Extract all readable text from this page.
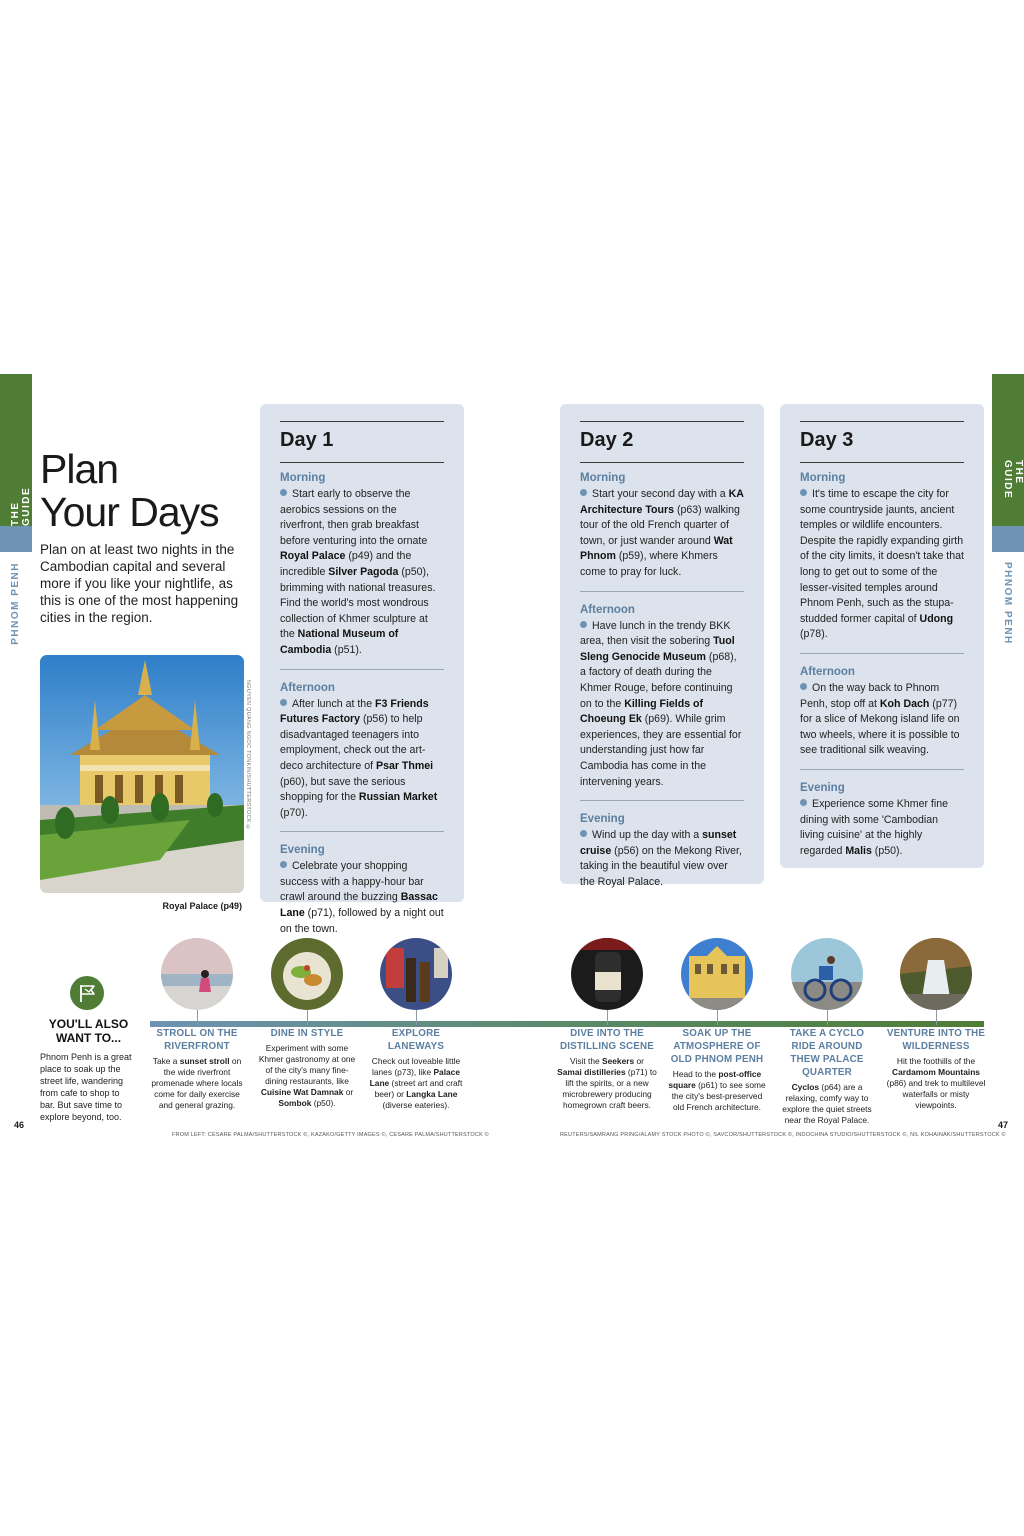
THE GUIDE
PHNOM PENH
THE GUIDE
PHNOM PENH
Plan
Your Days
Plan on at least two nights in the Cambodian capital and several more if you like your nightlife, as this is one of the most happening cities in the region.
NGUYEN QUANG NGOC TONKIN/SHUTTERSTOCK ©
Royal Palace (p49)
Day 1
Morning
Start early to observe the aerobics sessions on the riverfront, then grab breakfast before venturing into the ornate Royal Palace (p49) and the incredible Silver Pagoda (p50), brimming with national treasures. Find the world's most wondrous collection of Khmer sculpture at the National Museum of Cambodia (p51).
Afternoon
After lunch at the F3 Friends Futures Factory (p56) to help disadvantaged teenagers into employment, check out the art-deco architecture of Psar Thmei (p60), but save the serious shopping for the Russian Market (p70).
Evening
Celebrate your shopping success with a happy-hour bar crawl around the buzzing Bassac Lane (p71), followed by a night out on the town.
Day 2
Morning
Start your second day with a KA Architecture Tours (p63) walking tour of the old French quarter of town, or just wander around Wat Phnom (p59), where Khmers come to pray for luck.
Afternoon
Have lunch in the trendy BKK area, then visit the sobering Tuol Sleng Genocide Museum (p68), a factory of death during the Khmer Rouge, before continuing on to the Killing Fields of Choeung Ek (p69). While grim experiences, they are essential for understanding just how far Cambodia has come in the intervening years.
Evening
Wind up the day with a sunset cruise (p56) on the Mekong River, taking in the beautiful view over the Royal Palace.
Day 3
Morning
It's time to escape the city for some countryside jaunts, ancient temples or wildlife encounters. Despite the rapidly expanding girth of the city limits, it doesn't take that long to get out to some of the lesser-visited temples around Phnom Penh, such as the stupa-studded former capital of Udong (p78).
Afternoon
On the way back to Phnom Penh, stop off at Koh Dach (p77) for a slice of Mekong island life on two wheels, where it is possible to see traditional silk weaving.
Evening
Experience some Khmer fine dining with some 'Cambodian living cuisine' at the highly regarded Malis (p50).
YOU'LL ALSO WANT TO...
Phnom Penh is a great place to soak up the street life, wandering from cafe to shop to bar. But save time to explore beyond, too.
STROLL ON THE RIVERFRONT
Take a sunset stroll on the wide riverfront promenade where locals come for daily exercise and general grazing.
DINE IN STYLE
Experiment with some Khmer gastronomy at one of the city's many fine-dining restaurants, like Cuisine Wat Damnak or Sombok (p50).
EXPLORE LANEWAYS
Check out loveable little lanes (p73), like Palace Lane (street art and craft beer) or Langka Lane (diverse eateries).
DIVE INTO THE DISTILLING SCENE
Visit the Seekers or Samai distilleries (p71) to lift the spirits, or a new microbrewery producing homegrown craft beers.
SOAK UP THE ATMOSPHERE OF OLD PHNOM PENH
Head to the post-office square (p61) to see some the city's best-preserved old French architecture.
TAKE A CYCLO RIDE AROUND THEW PALACE QUARTER
Cyclos (p64) are a relaxing, comfy way to explore the quiet streets near the Royal Palace.
VENTURE INTO THE WILDERNESS
Hit the foothills of the Cardamom Mountains (p86) and trek to multilevel waterfalls or misty viewpoints.
46	47
FROM LEFT: CESARE PALMA/SHUTTERSTOCK ©, KAZAKO/GETTY IMAGES ©, CESARE PALMA/SHUTTERSTOCK ©	REUTERS/SAMRANG PRING/ALAMY STOCK PHOTO ©, SAVCOR/SHUTTERSTOCK ©, INDOCHINA STUDIO/SHUTTERSTOCK ©, NIL KOHAINAK/SHUTTERSTOCK ©
